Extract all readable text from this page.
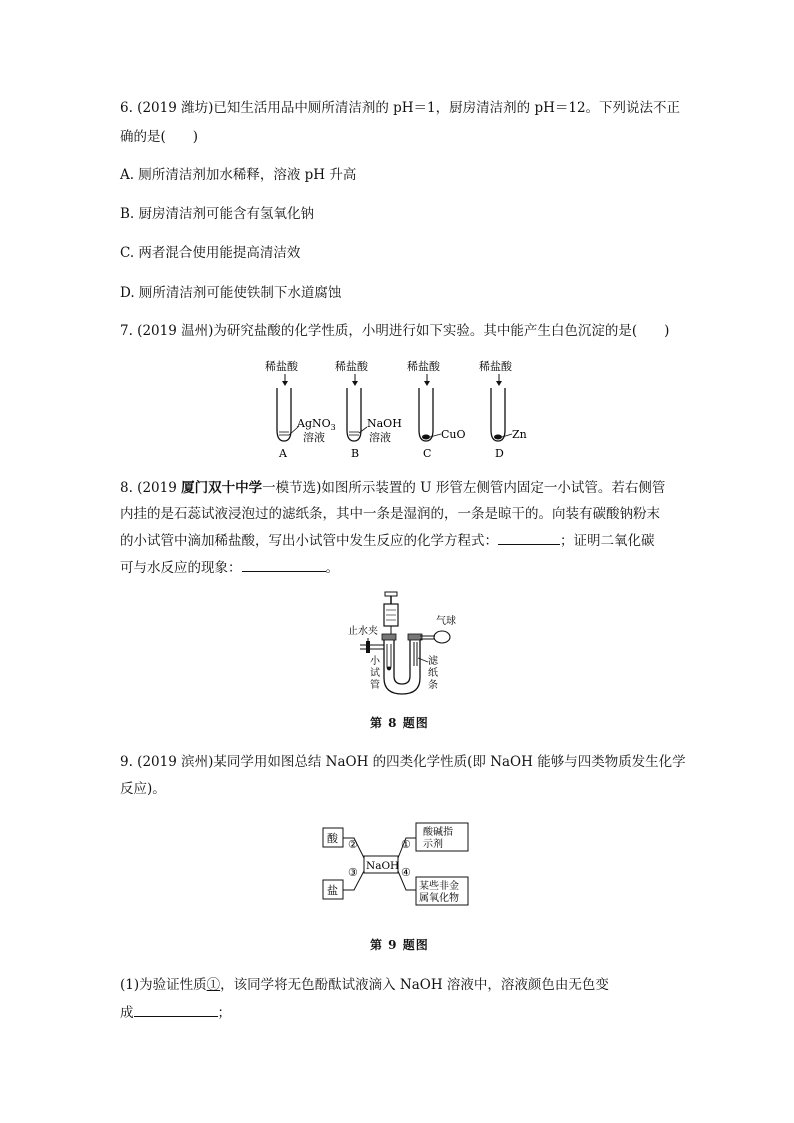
6. (2019 潍坊)已知生活用品中厕所清洁剂的 pH＝1，厨房清洁剂的 pH＝12。下列说法不正
确的是(　　)
A. 厕所清洁剂加水稀释，溶液 pH 升高
B. 厨房清洁剂可能含有氢氧化钠
C. 两者混合使用能提高清洁效
D. 厕所清洁剂可能使铁制下水道腐蚀
7. (2019 温州)为研究盐酸的化学性质，小明进行如下实验。其中能产生白色沉淀的是(　　)
稀盐酸
AgNO$_3$
溶液
A
稀盐酸
NaOH
溶液
B
稀盐酸
CuO
C
稀盐酸
Zn
D
8. (2019 厦门双十中学一模节选)如图所示装置的 U 形管左侧管内固定一小试管。若右侧管
内挂的是石蕊试液浸泡过的滤纸条，其中一条是湿润的，一条是晾干的。向装有碳酸钠粉末
的小试管中滴加稀盐酸，写出小试管中发生反应的化学方程式：	；证明二氧化碳
可与水反应的现象：	。
止水夹
气球
小
试
管
滤
纸
条
第 8 题图
9. (2019 滨州)某同学用如图总结 NaOH 的四类化学性质(即 NaOH 能够与四类物质发生化学
反应)。
酸	酸碱指
示剂
盐	某些非金
属氧化物
NaOH
②	①
③	④
第 9 题图
(1)为验证性质①，该同学将无色酚酞试液滴入 NaOH 溶液中，溶液颜色由无色变
成	；
